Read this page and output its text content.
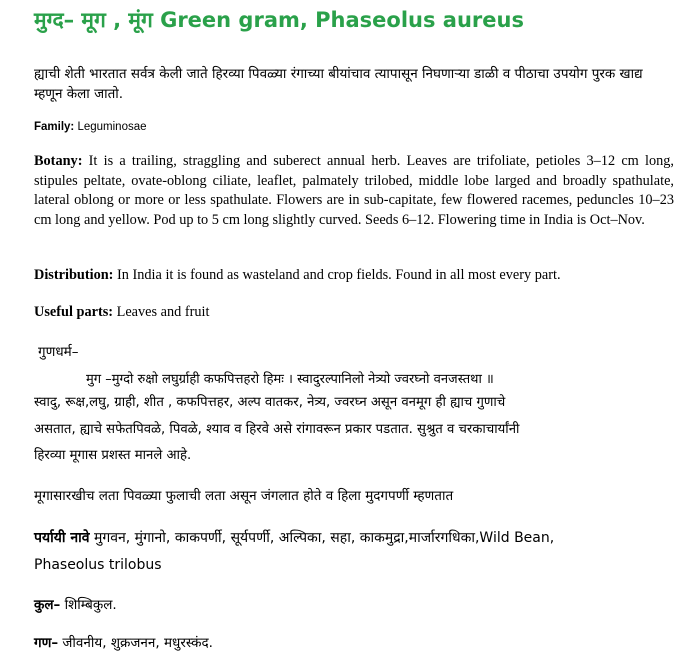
मुग्द– मूग , मूंग Green gram, Phaseolus aureus

ह्याची शेती भारतात सर्वत्र केली जाते हिरव्या पिवळ्या रंगाच्या बीयांचाव त्यापासून निघणाऱ्या डाळी व पीठाचा उपयोग पुरक खाद्य म्हणून केला जातो.

Family: Leguminosae

Botany: It is a trailing, straggling and suberect annual herb. Leaves are trifoliate, petioles 3–12 cm long, stipules peltate, ovate-oblong ciliate, leaflet, palmately trilobed, middle lobe larged and broadly spathulate, lateral oblong or more or less spathulate. Flowers are in sub-capitate, few flowered racemes, peduncles 10–23 cm long and yellow. Pod up to 5 cm long slightly curved. Seeds 6–12. Flowering time in India is Oct–Nov.

Distribution: In India it is found as wasteland and crop fields. Found in all most every part.

Useful parts: Leaves and fruit

गुणधर्म–

मुग –मुग्दो रुक्षो लघुर्ग्राही कफपित्तहरो हिमः । स्वादुरल्पानिलो नेत्र्यो ज्वरघ्नो वनजस्तथा ॥

स्वादु, रूक्ष,लघु, ग्राही, शीत , कफपित्तहर, अल्प वातकर, नेत्र्य, ज्वरघ्न असून वनमूग ही ह्याच गुणाचे

असतात, ह्याचे सफेतपिवळे, पिवळे, श्याव व हिरवे असे रांगावरून प्रकार पडतात. सुश्रुत व चरकाचार्यांनी

हिरव्या मूगास प्रशस्त मानले आहे.

मूगासारखीच लता पिवळ्या फुलाची लता असून जंगलात होते व हिला मुदगपर्णी म्हणतात

पर्यायी नावे मुगवन, मुंगानो, काकपर्णी, सूर्यपर्णी, अल्पिका, सहा, काकमुद्रा,मार्जारगधिका,Wild Bean,

Phaseolus trilobus

कुल– शिम्बिकुल.

गण– जीवनीय, शुक्रजनन, मधुरस्कंद.
